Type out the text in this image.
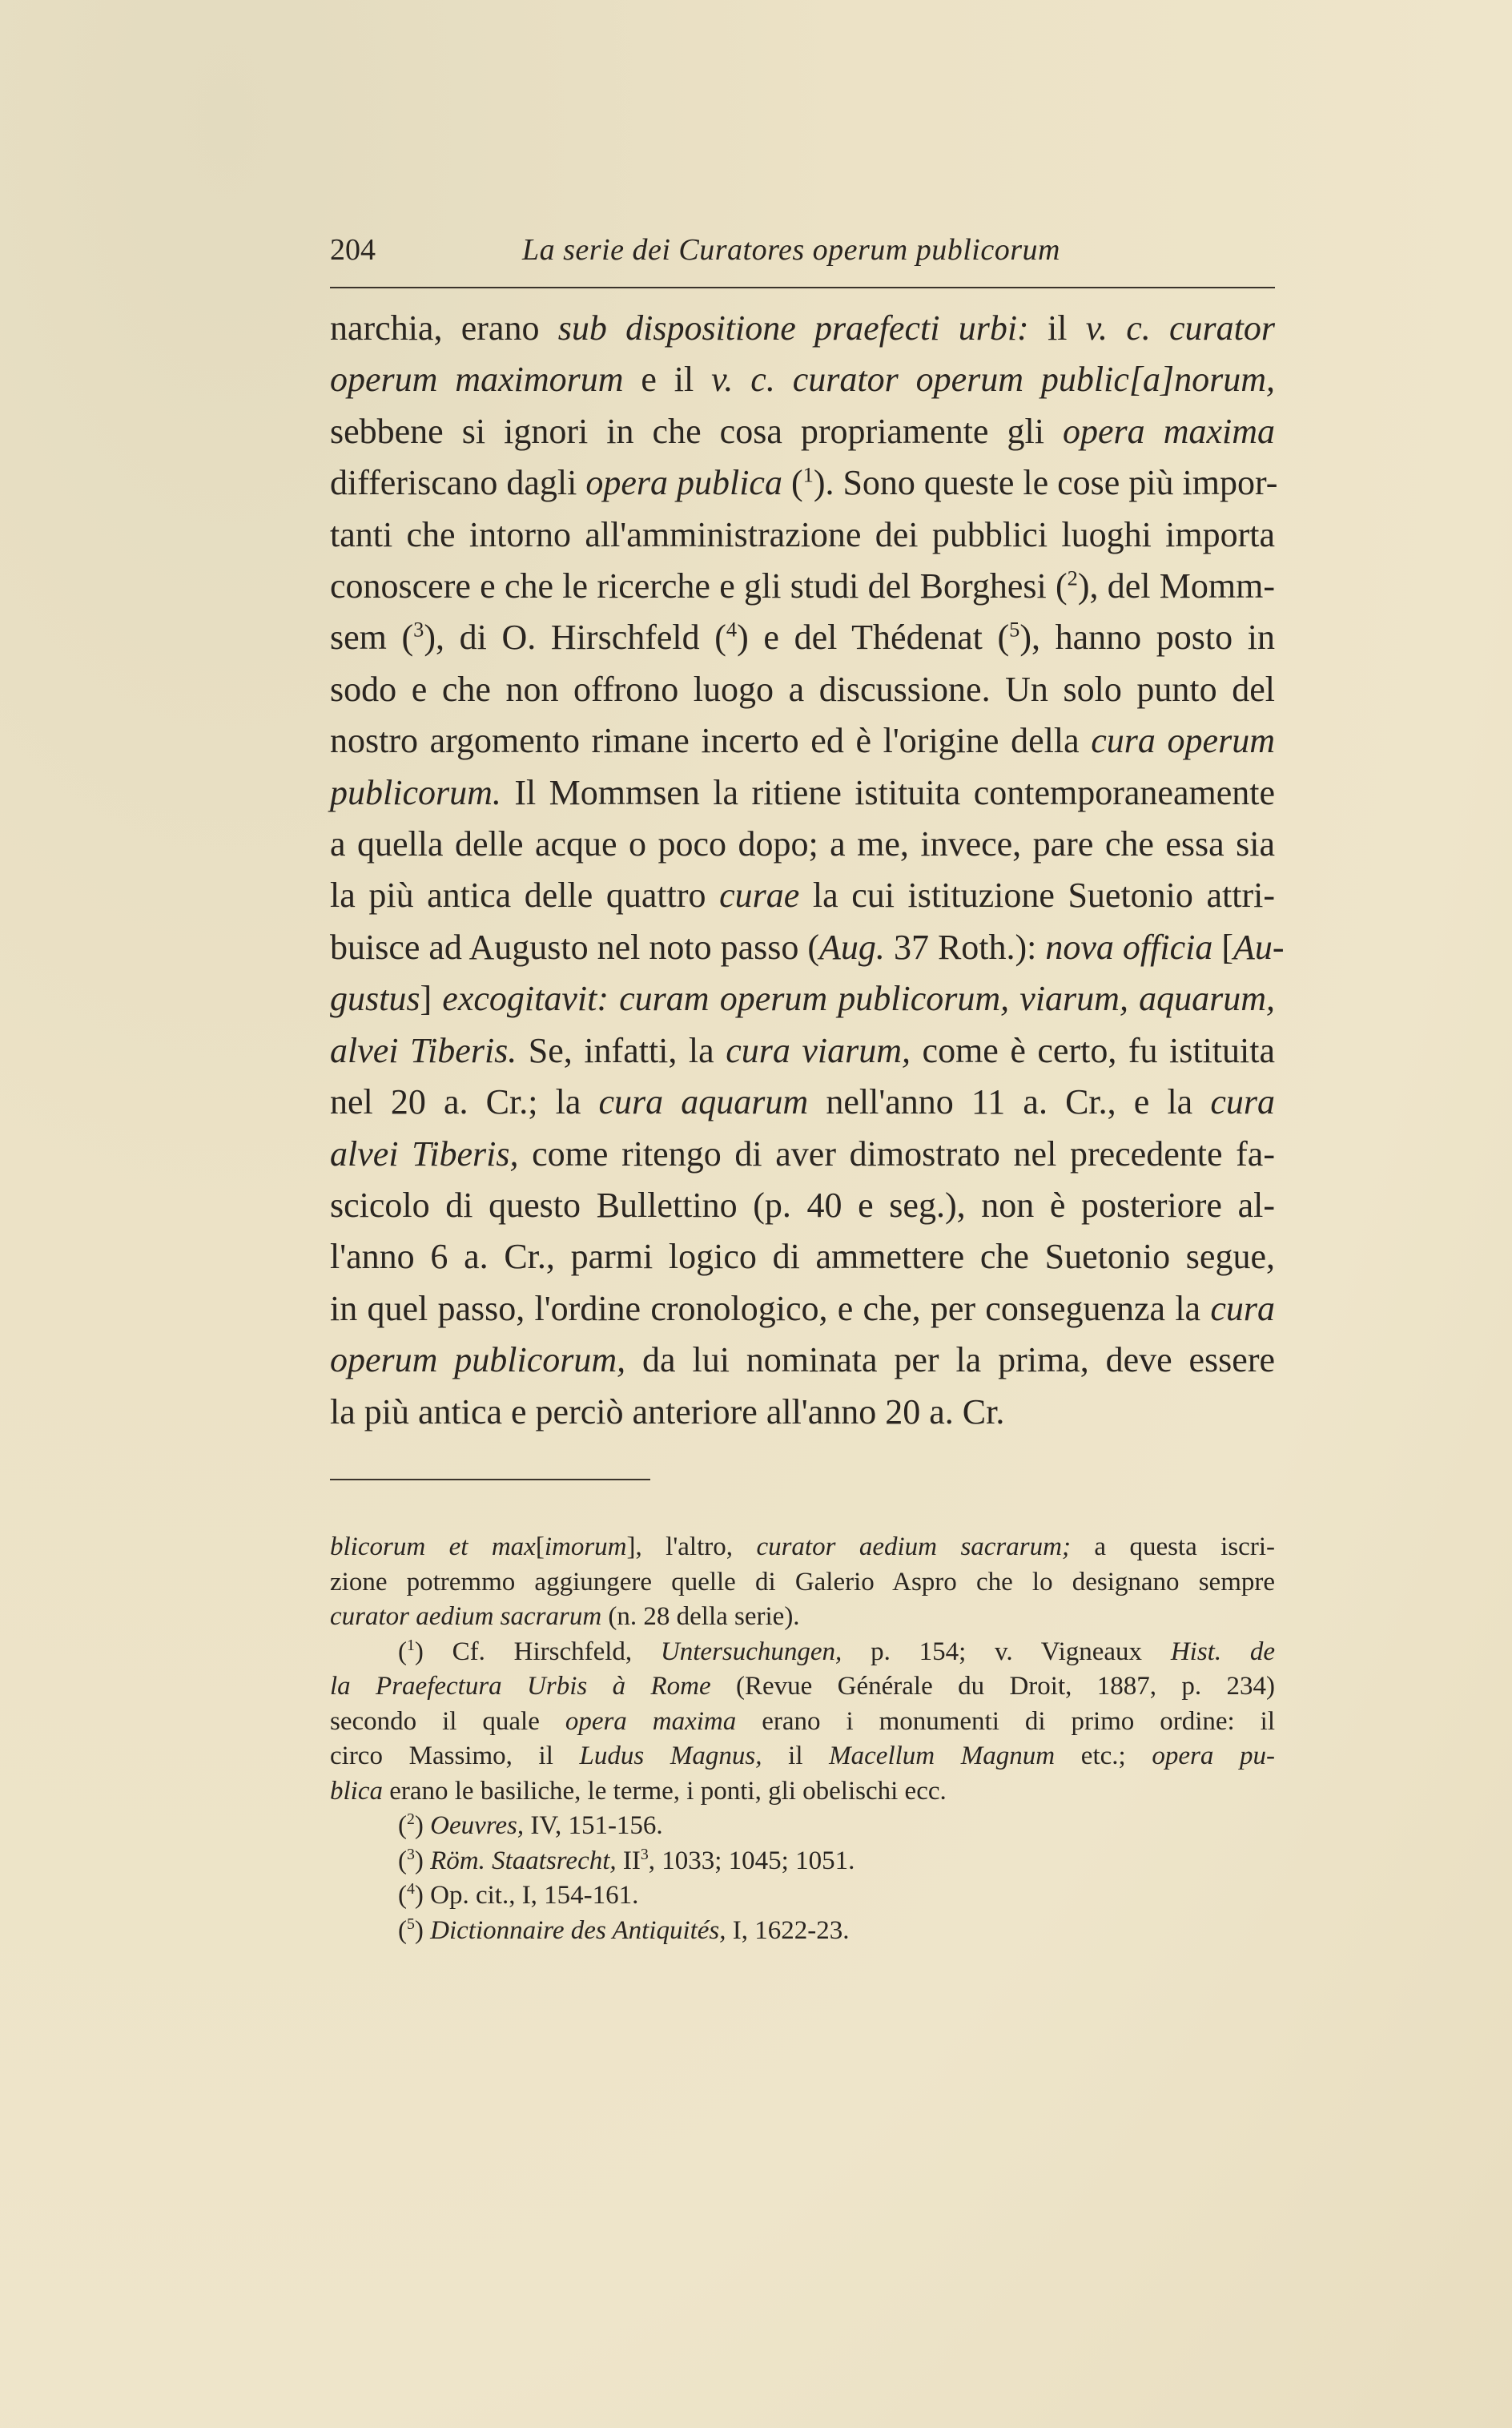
204	La serie dei Curatores operum publicorum
narchia, erano sub dispositione praefecti urbi: il v. c. curator
operum maximorum e il v. c. curator operum public[a]norum,
sebbene si ignori in che cosa propriamente gli opera maxima
differiscano dagli opera publica ($^1$). Sono queste le cose più impor-
tanti che intorno all'amministrazione dei pubblici luoghi importa
conoscere e che le ricerche e gli studi del Borghesi ($^2$), del Momm-
sem ($^3$), di O. Hirschfeld ($^4$) e del Thédenat ($^5$), hanno posto in
sodo e che non offrono luogo a discussione. Un solo punto del
nostro argomento rimane incerto ed è l'origine della cura operum
publicorum. Il Mommsen la ritiene istituita contemporaneamente
a quella delle acque o poco dopo; a me, invece, pare che essa sia
la più antica delle quattro curae la cui istituzione Suetonio attri-
buisce ad Augusto nel noto passo (Aug. 37 Roth.): nova officia [Au-
gustus] excogitavit: curam operum publicorum, viarum, aquarum,
alvei Tiberis. Se, infatti, la cura viarum, come è certo, fu istituita
nel 20 a. Cr.; la cura aquarum nell'anno 11 a. Cr., e la cura
alvei Tiberis, come ritengo di aver dimostrato nel precedente fa-
scicolo di questo Bullettino (p. 40 e seg.), non è posteriore al-
l'anno 6 a. Cr., parmi logico di ammettere che Suetonio segue,
in quel passo, l'ordine cronologico, e che, per conseguenza la cura
operum publicorum, da lui nominata per la prima, deve essere
la più antica e perciò anteriore all'anno 20 a. Cr.
blicorum et max[imorum], l'altro, curator aedium sacrarum; a questa iscri-
zione potremmo aggiungere quelle di Galerio Aspro che lo designano sempre
curator aedium sacrarum (n. 28 della serie).
($^1$) Cf. Hirschfeld, Untersuchungen, p. 154; v. Vigneaux Hist. de
la Praefectura Urbis à Rome (Revue Générale du Droit, 1887, p. 234)
secondo il quale opera maxima erano i monumenti di primo ordine: il
circo Massimo, il Ludus Magnus, il Macellum Magnum etc.; opera pu-
blica erano le basiliche, le terme, i ponti, gli obelischi ecc.
($^2$) Oeuvres, IV, 151-156.
($^3$) Röm. Staatsrecht, $II^3$, 1033; 1045; 1051.
($^4$) Op. cit., I, 154-161.
($^5$) Dictionnaire des Antiquités, I, 1622-23.
